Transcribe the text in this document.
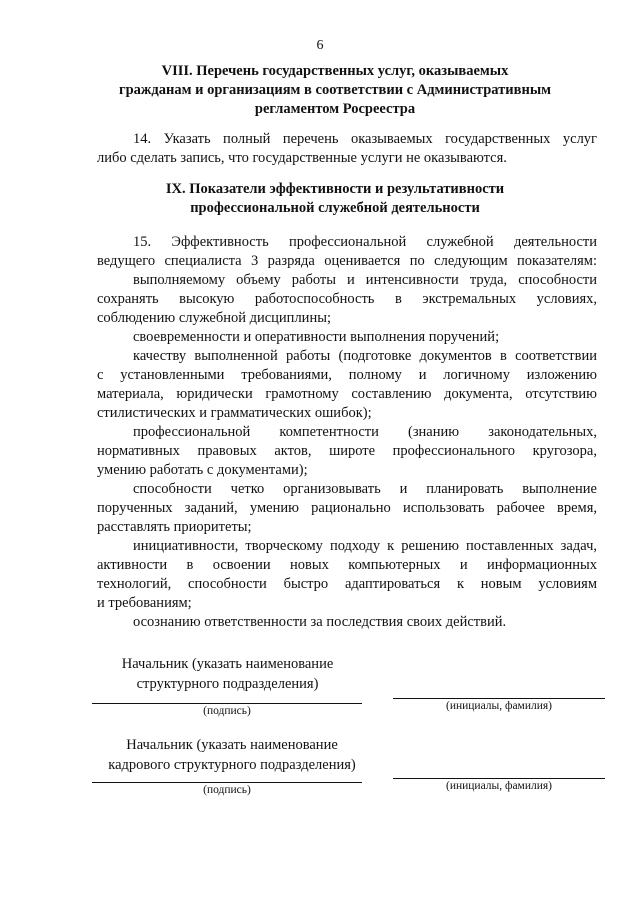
6
VIII. Перечень государственных услуг, оказываемых
гражданам и организациям в соответствии с Административным
регламентом Росреестра
14. Указать полный перечень оказываемых государственных услуг
либо сделать запись, что государственные услуги не оказываются.
IX. Показатели эффективности и результативности
профессиональной служебной деятельности
15. Эффективность профессиональной служебной деятельности
ведущего специалиста 3 разряда оценивается по следующим показателям:
выполняемому объему работы и интенсивности труда, способности
сохранять высокую работоспособность в экстремальных условиях,
соблюдению служебной дисциплины;
своевременности и оперативности выполнения поручений;
качеству выполненной работы (подготовке документов в соответствии
с установленными требованиями, полному и логичному изложению
материала, юридически грамотному составлению документа, отсутствию
стилистических и грамматических ошибок);
профессиональной компетентности (знанию законодательных,
нормативных правовых актов, широте профессионального кругозора,
умению работать с документами);
способности четко организовывать и планировать выполнение
порученных заданий, умению рационально использовать рабочее время,
расставлять приоритеты;
инициативности, творческому подходу к решению поставленных задач,
активности в освоении новых компьютерных и информационных
технологий, способности быстро адаптироваться к новым условиям
и требованиям;
осознанию ответственности за последствия своих действий.
Начальник (указать наименование
структурного подразделения)
(подпись)	(инициалы, фамилия)
Начальник (указать наименование
кадрового структурного подразделения)
(подпись)	(инициалы, фамилия)
